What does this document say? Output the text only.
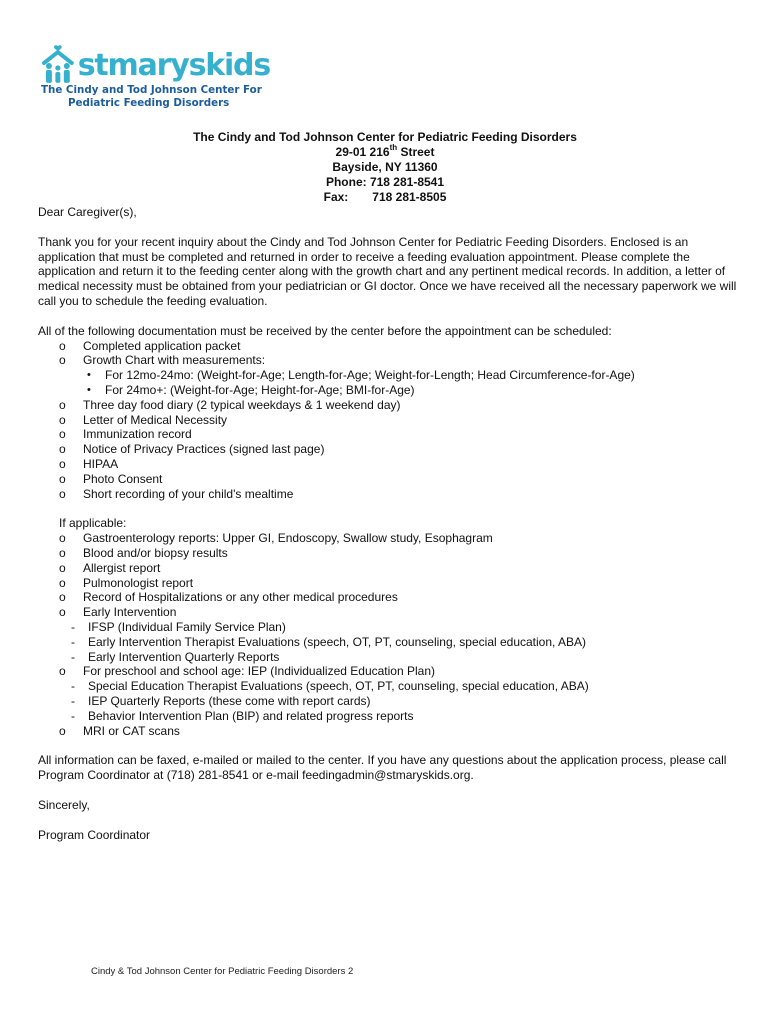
stmaryskids
The Cindy and Tod Johnson Center For
Pediatric Feeding Disorders
The Cindy and Tod Johnson Center for Pediatric Feeding Disorders
29-01 216th Street
Bayside, NY 11360
Phone: 718 281-8541
Fax: 718 281-8505

Dear Caregiver(s),

Thank you for your recent inquiry about the Cindy and Tod Johnson Center for Pediatric Feeding Disorders. Enclosed is an application that must be completed and returned in order to receive a feeding evaluation appointment. Please complete the application and return it to the feeding center along with the growth chart and any pertinent medical records. In addition, a letter of medical necessity must be obtained from your pediatrician or GI doctor. Once we have received all the necessary paperwork we will call you to schedule the feeding evaluation.

All of the following documentation must be received by the center before the appointment can be scheduled:

o Completed application packet
o Growth Chart with measurements:
• For 12mo-24mo: (Weight-for-Age; Length-for-Age; Weight-for-Length; Head Circumference-for-Age)
• For 24mo+: (Weight-for-Age; Height-for-Age; BMI-for-Age)
o Three day food diary (2 typical weekdays & 1 weekend day)
o Letter of Medical Necessity
o Immunization record
o Notice of Privacy Practices (signed last page)
o HIPAA
o Photo Consent
o Short recording of your child's mealtime

If applicable:

o Gastroenterology reports: Upper GI, Endoscopy, Swallow study, Esophagram
o Blood and/or biopsy results
o Allergist report
o Pulmonologist report
o Record of Hospitalizations or any other medical procedures
o Early Intervention
- IFSP (Individual Family Service Plan)
- Early Intervention Therapist Evaluations (speech, OT, PT, counseling, special education, ABA)
- Early Intervention Quarterly Reports
o For preschool and school age: IEP (Individualized Education Plan)
- Special Education Therapist Evaluations (speech, OT, PT, counseling, special education, ABA)
- IEP Quarterly Reports (these come with report cards)
- Behavior Intervention Plan (BIP) and related progress reports
o MRI or CAT scans

All information can be faxed, e-mailed or mailed to the center. If you have any questions about the application process, please call Program Coordinator at (718) 281-8541 or e-mail feedingadmin@stmaryskids.org.

Sincerely,

Program Coordinator

Cindy & Tod Johnson Center for Pediatric Feeding Disorders 2
